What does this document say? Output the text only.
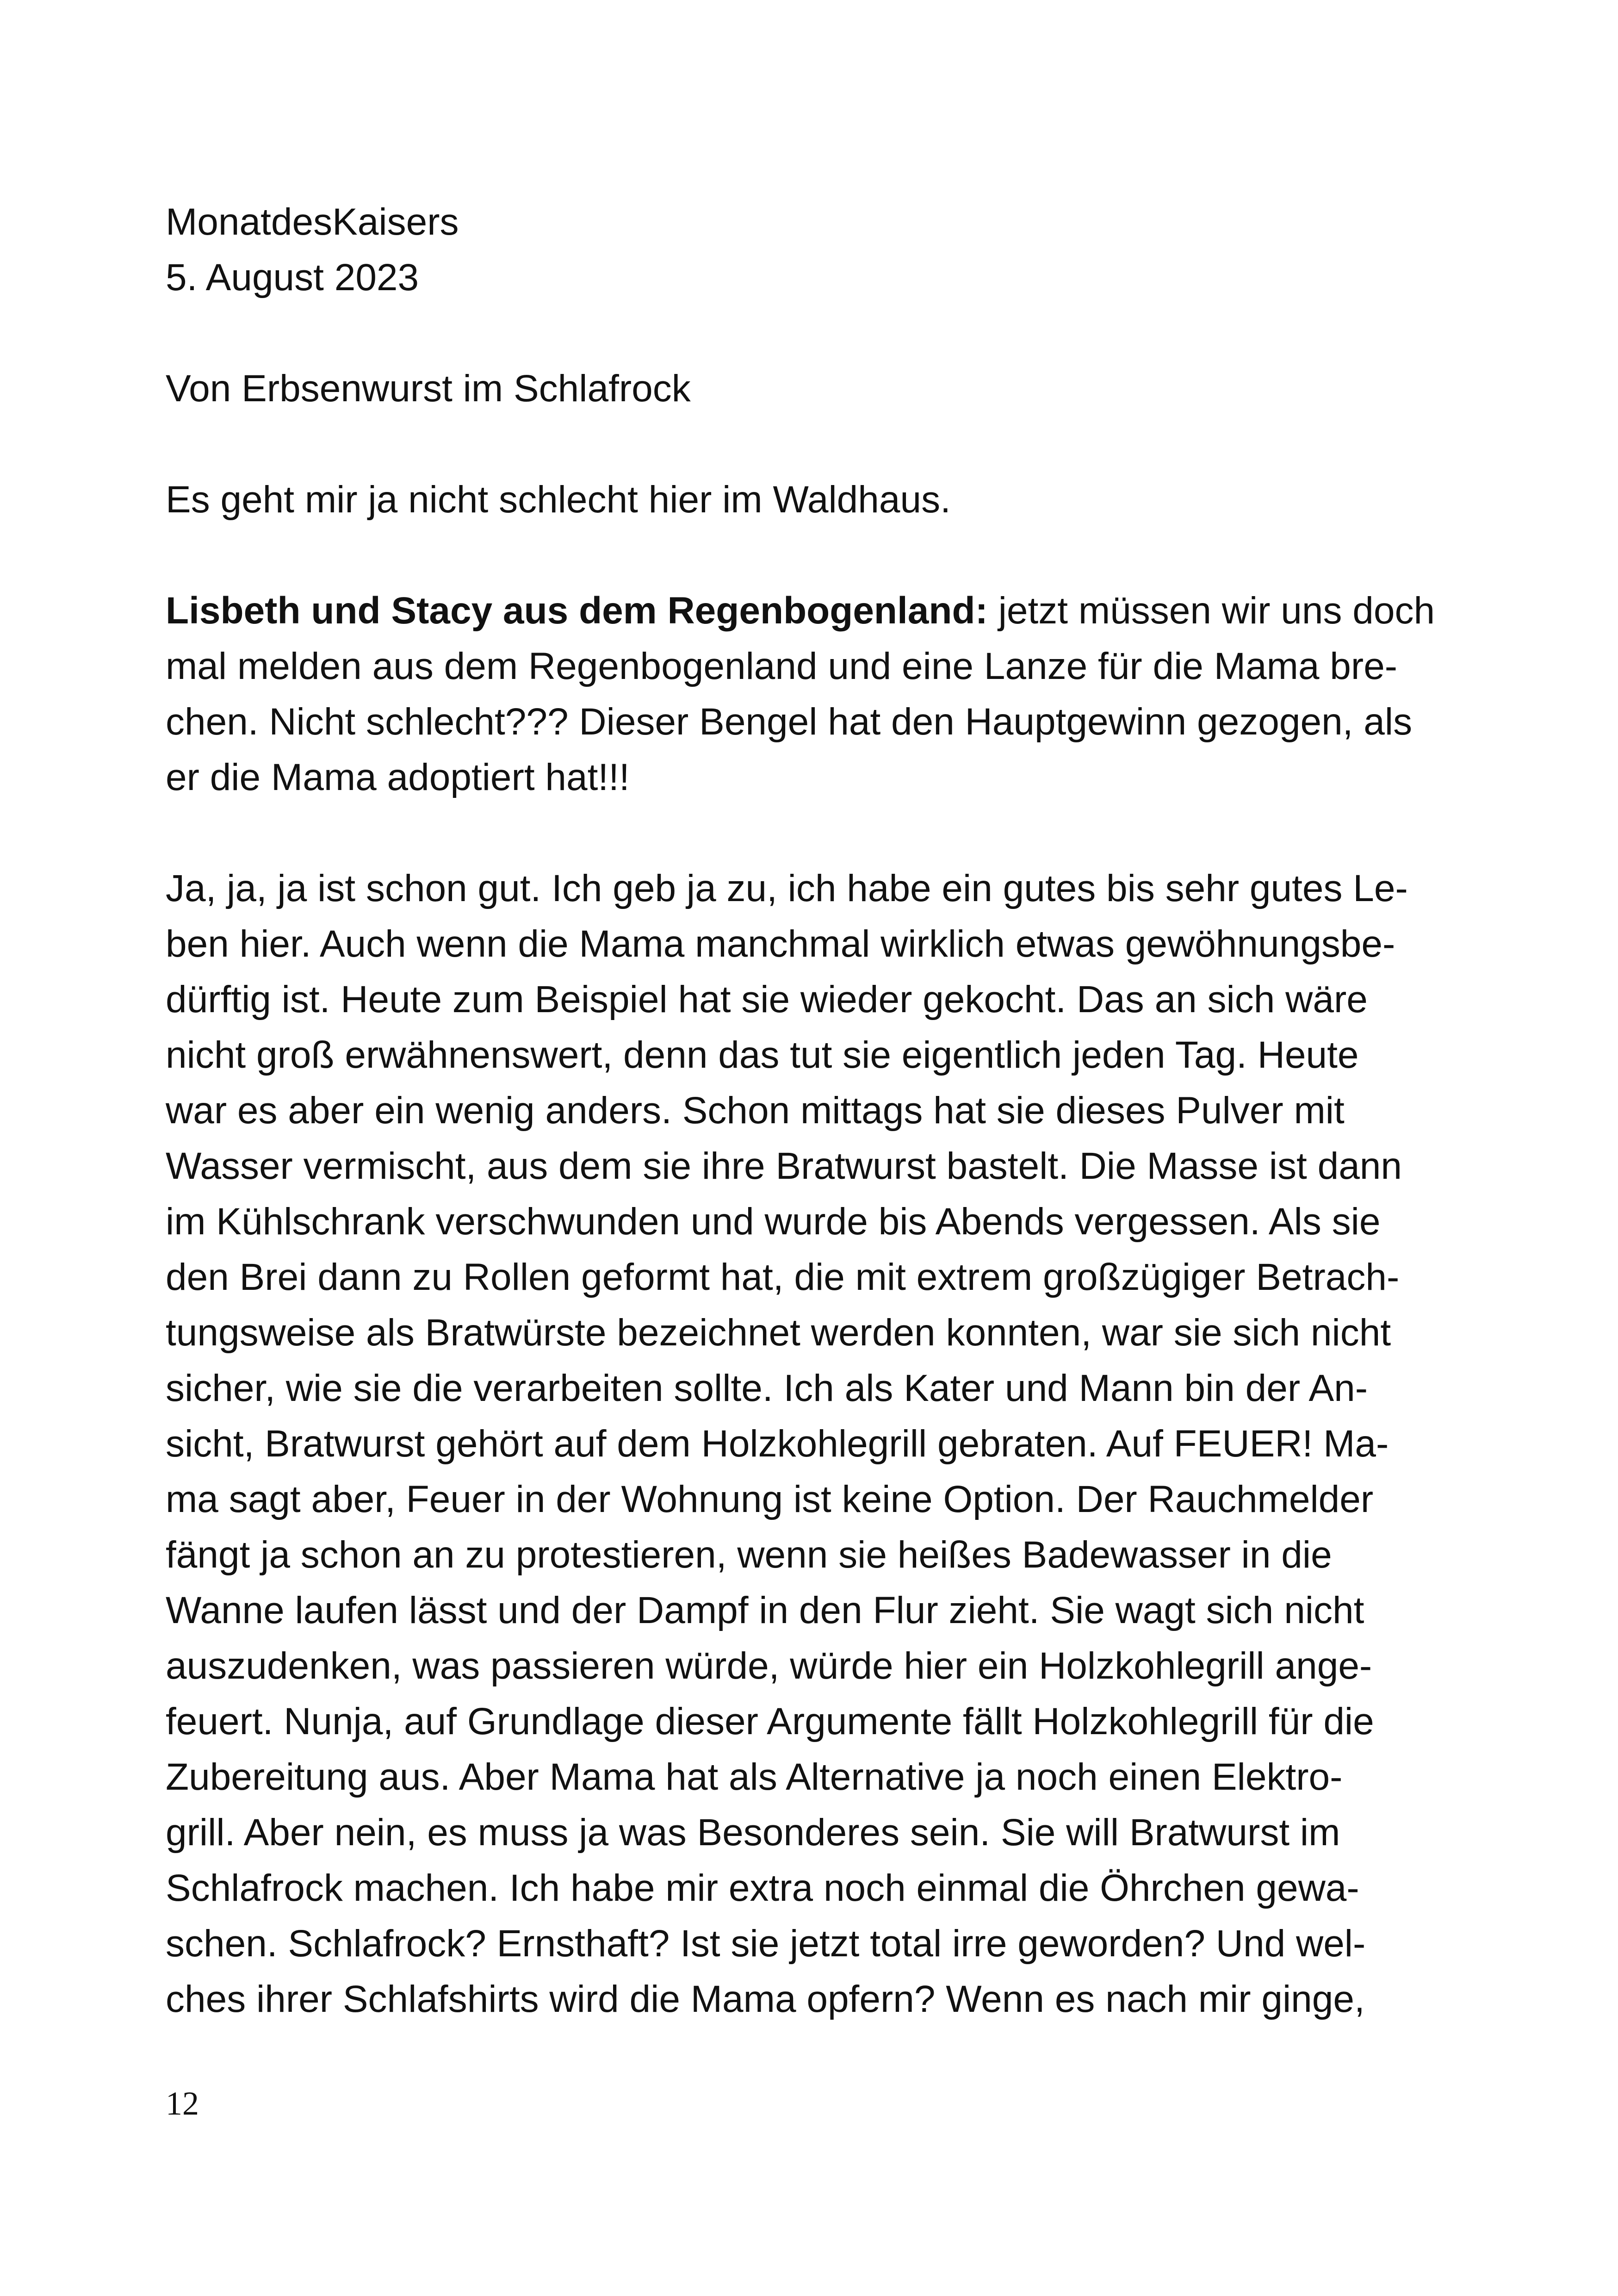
MonatdesKaisers
5. August 2023
Von Erbsenwurst im Schlafrock
Es geht mir ja nicht schlecht hier im Waldhaus.
Lisbeth und Stacy aus dem Regenbogenland: jetzt müssen wir uns doch
mal melden aus dem Regenbogenland und eine Lanze für die Mama bre-
chen. Nicht schlecht??? Dieser Bengel hat den Hauptgewinn gezogen, als
er die Mama adoptiert hat!!!
Ja, ja, ja ist schon gut. Ich geb ja zu, ich habe ein gutes bis sehr gutes Le-
ben hier. Auch wenn die Mama manchmal wirklich etwas gewöhnungsbe-
dürftig ist. Heute zum Beispiel hat sie wieder gekocht. Das an sich wäre
nicht groß erwähnenswert, denn das tut sie eigentlich jeden Tag. Heute
war es aber ein wenig anders. Schon mittags hat sie dieses Pulver mit
Wasser vermischt, aus dem sie ihre Bratwurst bastelt. Die Masse ist dann
im Kühlschrank verschwunden und wurde bis Abends vergessen. Als sie
den Brei dann zu Rollen geformt hat, die mit extrem großzügiger Betrach-
tungsweise als Bratwürste bezeichnet werden konnten, war sie sich nicht
sicher, wie sie die verarbeiten sollte. Ich als Kater und Mann bin der An-
sicht, Bratwurst gehört auf dem Holzkohlegrill gebraten. Auf FEUER! Ma-
ma sagt aber, Feuer in der Wohnung ist keine Option. Der Rauchmelder
fängt ja schon an zu protestieren, wenn sie heißes Badewasser in die
Wanne laufen lässt und der Dampf in den Flur zieht. Sie wagt sich nicht
auszudenken, was passieren würde, würde hier ein Holzkohlegrill ange-
feuert. Nunja, auf Grundlage dieser Argumente fällt Holzkohlegrill für die
Zubereitung aus. Aber Mama hat als Alternative ja noch einen Elektro-
grill. Aber nein, es muss ja was Besonderes sein. Sie will Bratwurst im
Schlafrock machen. Ich habe mir extra noch einmal die Öhrchen gewa-
schen. Schlafrock? Ernsthaft? Ist sie jetzt total irre geworden? Und wel-
ches ihrer Schlafshirts wird die Mama opfern? Wenn es nach mir ginge,
12
